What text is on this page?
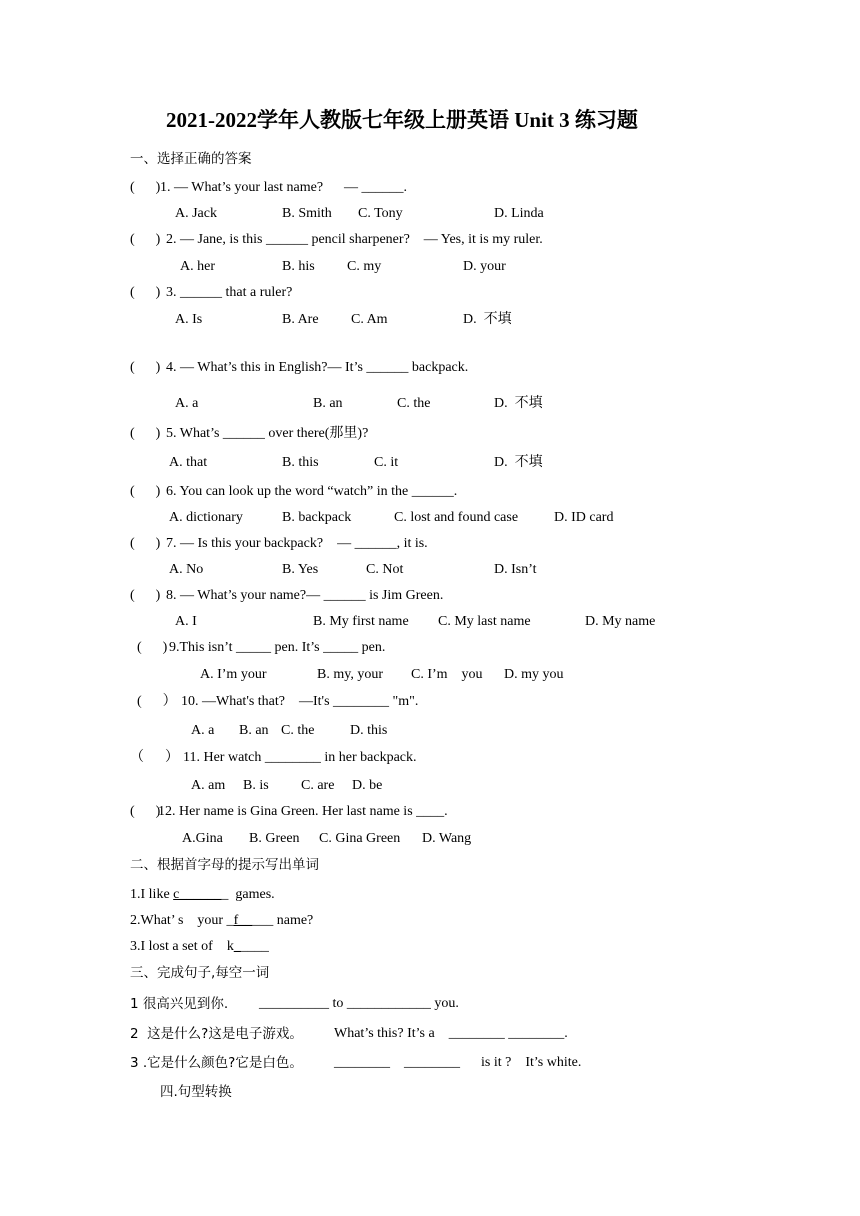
2021-2022学年人教版七年级上册英语 Unit 3 练习题
一、选择正确的答案
(      ) 1. — What’s your last name?      — ______.
A. Jack	B. Smith C. Tony	D. Linda
(      ) 2. — Jane, is this ______ pencil sharpener?    — Yes, it is my ruler.
A. her	B. his C. my	D. your
(      ) 3. ______ that a ruler?
A. Is	B. Are C. Am	D.  不填
(      ) 4. — What’s this in English?— It’s ______ backpack.
A. a	B. an	C. the	D.  不填
(      ) 5. What’s ______ over there(那里)?
A. that	B. this	C. it	D.  不填
(      ) 6. You can look up the word “watch” in the ______.
A. dictionary	B. backpack	C. lost and found case	D. ID card
(      ) 7. — Is this your backpack?    — ______, it is.
A. No	B. Yes	C. Not	D. Isn’t
(      ) 8. — What’s your name?— ______ is Jim Green.
A. I	B. My first name C. My last name	D. My name
(      ) 9.This isn’t _____ pen. It’s _____ pen.
A. I’m your	B. my, your C. I’m    you D. my you
(      ） 10. —What's that?    —It's ________ "m".
A. a B. an C. the	D. this
（      ） 11. Her watch ________ in her backpack.
A. am B. is C. are D. be
(      )
12. Her name is Gina Green. Her last name is ____.
A.Gina B. Green C. Gina Green D. Wang
二、根据首字母的提示写出单词
1.I like c_______  games.
2.What’ s    your _f_____ name?
3.I lost a set of    k_____
三、完成句子,每空一词
1 很高兴见到你. __________ to ____________ you.
2  这是什么?这是电子游戏。 What’s this? It’s a    ________ ________.
3 .它是什么颜色?它是白色。 ________    ________      is it ?    It’s white.
四.句型转换
